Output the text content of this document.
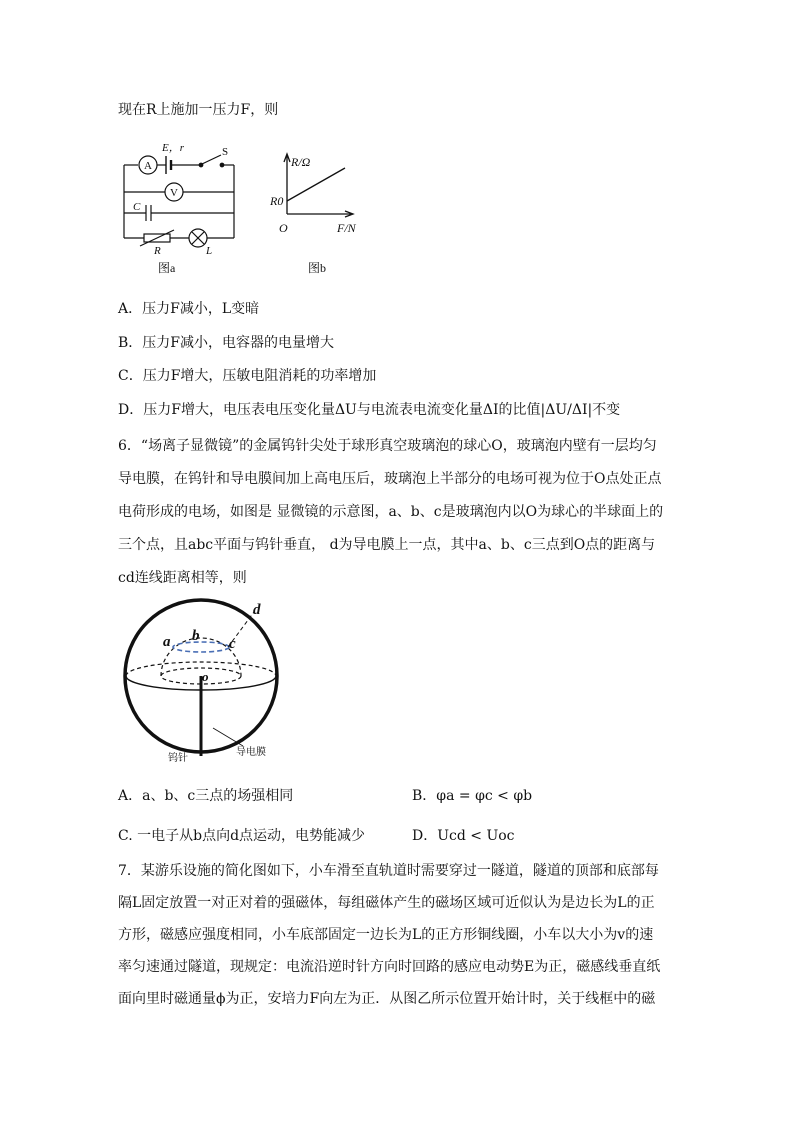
现在R上施加一压力F，则
A
E，r	S
V
C
R	L
图a
R/Ω
R0
O	F/N
图b
A．压力F减小，L变暗
B．压力F减小，电容器的电量增大
C．压力F增大，压敏电阻消耗的功率增加
D．压力F增大，电压表电压变化量ΔU与电流表电流变化量ΔI的比值|ΔU/ΔI|不变
6．“场离子显微镜”的金属钨针尖处于球形真空玻璃泡的球心O，玻璃泡内壁有一层均匀
导电膜，在钨针和导电膜间加上高电压后，玻璃泡上半部分的电场可视为位于O点处正点
电荷形成的电场，如图是 显微镜的示意图，a、b、c是玻璃泡内以O为球心的半球面上的
三个点，且abc平面与钨针垂直， d为导电膜上一点，其中a、b、c三点到O点的距离与
cd连线距离相等，则
d
a b c
o
钨针
导电膜
A．a、b、c三点的场强相同	B．φa = φc < φb
C. 一电子从b点向d点运动，电势能减少	D．Ucd < Uoc
7．某游乐设施的简化图如下，小车滑至直轨道时需要穿过一隧道，隧道的顶部和底部每
隔L固定放置一对正对着的强磁体，每组磁体产生的磁场区域可近似认为是边长为L的正
方形，磁感应强度相同，小车底部固定一边长为L的正方形铜线圈，小车以大小为v的速
率匀速通过隧道，现规定：电流沿逆时针方向时回路的感应电动势E为正，磁感线垂直纸
面向里时磁通量ϕ为正，安培力F向左为正．从图乙所示位置开始计时，关于线框中的磁
